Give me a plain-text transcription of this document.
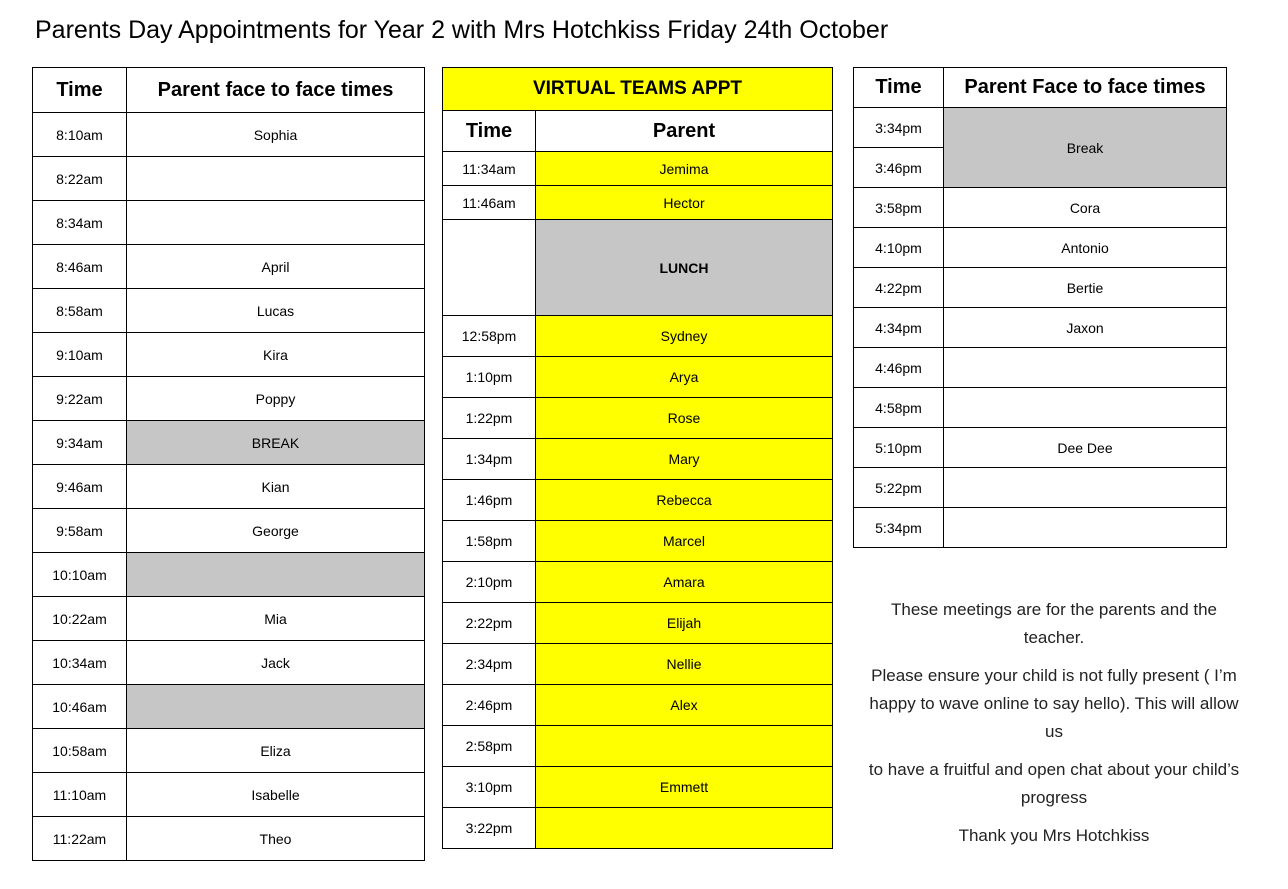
Parents Day Appointments for Year 2 with Mrs Hotchkiss Friday 24th October
Time	Parent face to face times
8:10am	Sophia
8:22am	
8:34am	
8:46am	April
8:58am	Lucas
9:10am	Kira
9:22am	Poppy
9:34am	BREAK
9:46am	Kian
9:58am	George
10:10am	
10:22am	Mia
10:34am	Jack
10:46am	
10:58am	Eliza
11:10am	Isabelle
11:22am	Theo
VIRTUAL TEAMS APPT	
Time	Parent
11:34am	Jemima
11:46am	Hector
	LUNCH
12:58pm	Sydney
1:10pm	Arya
1:22pm	Rose
1:34pm	Mary
1:46pm	Rebecca
1:58pm	Marcel
2:10pm	Amara
2:22pm	Elijah
2:34pm	Nellie
2:46pm	Alex
2:58pm	
3:10pm	Emmett
3:22pm	
Time	Parent Face to face times
3:34pm	Break
3:46pm	
3:58pm	Cora
4:10pm	Antonio
4:22pm	Bertie
4:34pm	Jaxon
4:46pm	
4:58pm	
5:10pm	Dee Dee
5:22pm	
5:34pm	

These meetings are for the parents and the teacher.

Please ensure your child is not fully present ( I’m happy to wave online to say hello). This will allow us

to have a fruitful and open chat about your child’s progress

Thank you Mrs Hotchkiss
